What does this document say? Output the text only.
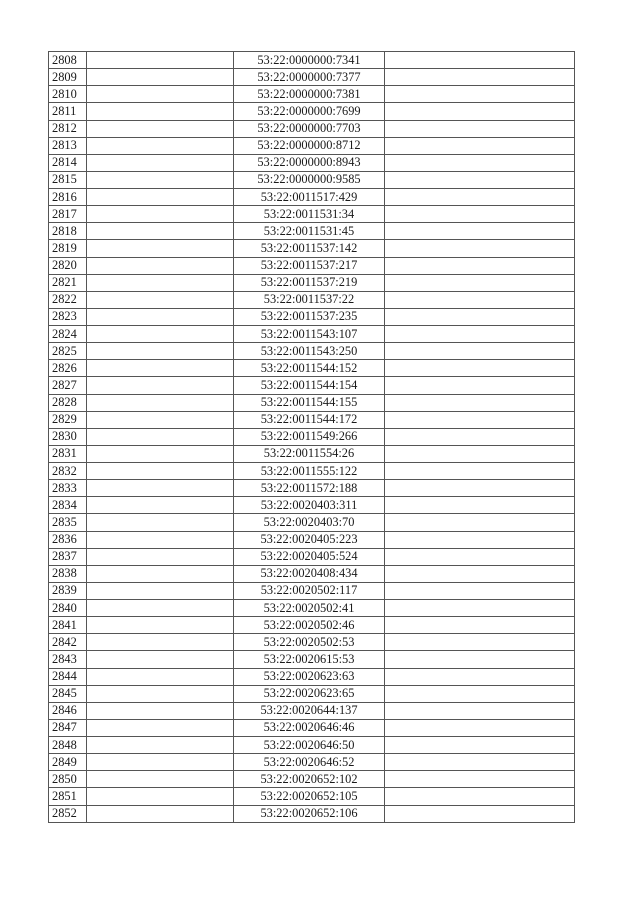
2808		53:22:0000000:7341	
2809		53:22:0000000:7377	
2810		53:22:0000000:7381	
2811		53:22:0000000:7699	
2812		53:22:0000000:7703	
2813		53:22:0000000:8712	
2814		53:22:0000000:8943	
2815		53:22:0000000:9585	
2816		53:22:0011517:429	
2817		53:22:0011531:34	
2818		53:22:0011531:45	
2819		53:22:0011537:142	
2820		53:22:0011537:217	
2821		53:22:0011537:219	
2822		53:22:0011537:22	
2823		53:22:0011537:235	
2824		53:22:0011543:107	
2825		53:22:0011543:250	
2826		53:22:0011544:152	
2827		53:22:0011544:154	
2828		53:22:0011544:155	
2829		53:22:0011544:172	
2830		53:22:0011549:266	
2831		53:22:0011554:26	
2832		53:22:0011555:122	
2833		53:22:0011572:188	
2834		53:22:0020403:311	
2835		53:22:0020403:70	
2836		53:22:0020405:223	
2837		53:22:0020405:524	
2838		53:22:0020408:434	
2839		53:22:0020502:117	
2840		53:22:0020502:41	
2841		53:22:0020502:46	
2842		53:22:0020502:53	
2843		53:22:0020615:53	
2844		53:22:0020623:63	
2845		53:22:0020623:65	
2846		53:22:0020644:137	
2847		53:22:0020646:46	
2848		53:22:0020646:50	
2849		53:22:0020646:52	
2850		53:22:0020652:102	
2851		53:22:0020652:105	
2852		53:22:0020652:106	
